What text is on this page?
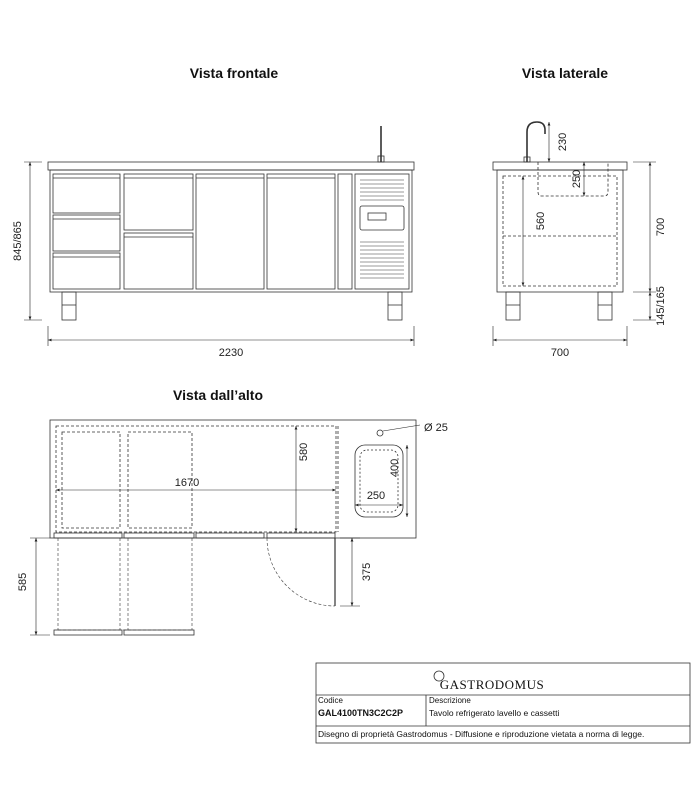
Vista frontale	Vista laterale
Vista dall’alto
845/865
2230
230
250
560	700
145/165
700
1670
580
Ø 25
400
250
585
375
GASTRODOMUS
Codice
GAL4100TN3C2C2P
Descrizione
Tavolo refrigerato lavello e cassetti
Disegno di proprietà Gastrodomus - Diffusione e riproduzione vietata a norma di legge.
